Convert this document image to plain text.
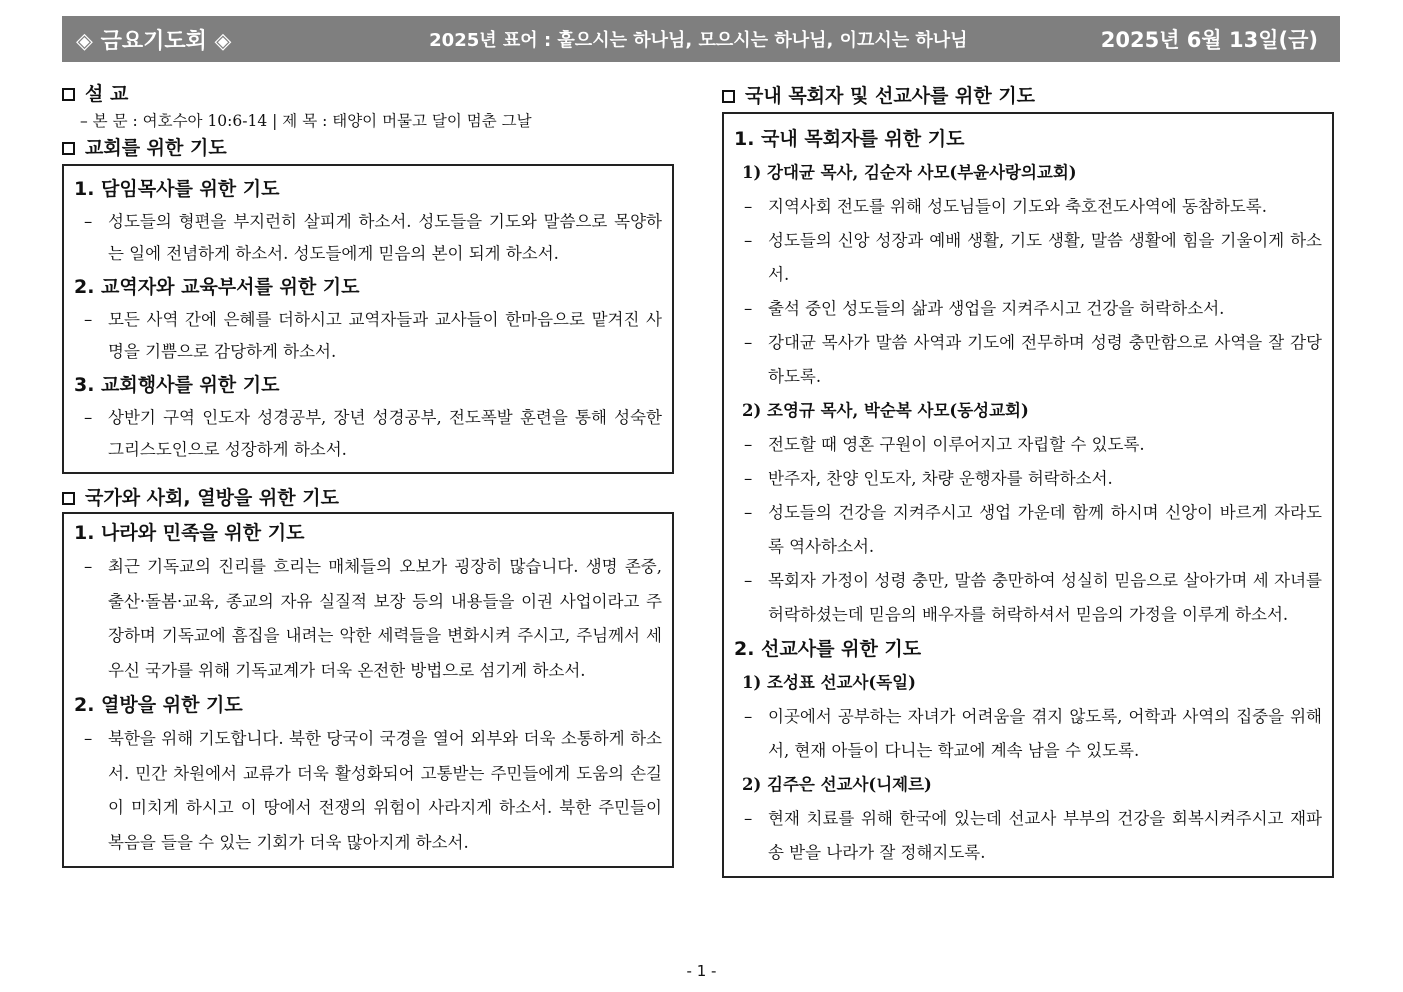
◈ 금요기도회 ◈	2025년 표어 : 훝으시는 하나님, 모으시는 하나님, 이끄시는 하나님	2025년 6월 13일(금)
설 교
– 본 문 : 여호수아 10:6-14 | 제 목 : 태양이 머물고 달이 멈춘 그날
교회를 위한 기도
1. 담임목사를 위한 기도
– 성도들의 형편을 부지런히 살피게 하소서. 성도들을 기도와 말씀으로 목양하는 일에 전념하게 하소서. 성도들에게 믿음의 본이 되게 하소서.
2. 교역자와 교육부서를 위한 기도
– 모든 사역 간에 은혜를 더하시고 교역자들과 교사들이 한마음으로 맡겨진 사명을 기쁨으로 감당하게 하소서.
3. 교회행사를 위한 기도
– 상반기 구역 인도자 성경공부, 장년 성경공부, 전도폭발 훈련을 통해 성숙한 그리스도인으로 성장하게 하소서.
국가와 사회, 열방을 위한 기도
1. 나라와 민족을 위한 기도
– 최근 기독교의 진리를 흐리는 매체들의 오보가 굉장히 많습니다. 생명 존중, 출산·돌봄·교육, 종교의 자유 실질적 보장 등의 내용들을 이권 사업이라고 주장하며 기독교에 흠집을 내려는 악한 세력들을 변화시켜 주시고, 주님께서 세우신 국가를 위해 기독교계가 더욱 온전한 방법으로 섬기게 하소서.
2. 열방을 위한 기도
– 북한을 위해 기도합니다. 북한 당국이 국경을 열어 외부와 더욱 소통하게 하소서. 민간 차원에서 교류가 더욱 활성화되어 고통받는 주민들에게 도움의 손길이 미치게 하시고 이 땅에서 전쟁의 위험이 사라지게 하소서. 북한 주민들이 복음을 들을 수 있는 기회가 더욱 많아지게 하소서.
국내 목회자 및 선교사를 위한 기도
1. 국내 목회자를 위한 기도
1) 강대균 목사, 김순자 사모(부윤사랑의교회)
– 지역사회 전도를 위해 성도님들이 기도와 축호전도사역에 동참하도록.
– 성도들의 신앙 성장과 예배 생활, 기도 생활, 말씀 생활에 힘을 기울이게 하소서.
– 출석 중인 성도들의 삶과 생업을 지켜주시고 건강을 허락하소서.
– 강대균 목사가 말씀 사역과 기도에 전무하며 성령 충만함으로 사역을 잘 감당하도록.
2) 조영규 목사, 박순복 사모(동성교회)
– 전도할 때 영혼 구원이 이루어지고 자립할 수 있도록.
– 반주자, 찬양 인도자, 차량 운행자를 허락하소서.
– 성도들의 건강을 지켜주시고 생업 가운데 함께 하시며 신앙이 바르게 자라도록 역사하소서.
– 목회자 가정이 성령 충만, 말씀 충만하여 성실히 믿음으로 살아가며 세 자녀를 허락하셨는데 믿음의 배우자를 허락하셔서 믿음의 가정을 이루게 하소서.
2. 선교사를 위한 기도
1) 조성표 선교사(독일)
– 이곳에서 공부하는 자녀가 어려움을 겪지 않도록, 어학과 사역의 집중을 위해서, 현재 아들이 다니는 학교에 계속 남을 수 있도록.
2) 김주은 선교사(니제르)
– 현재 치료를 위해 한국에 있는데 선교사 부부의 건강을 회복시켜주시고 재파송 받을 나라가 잘 정해지도록.
- 1 -
